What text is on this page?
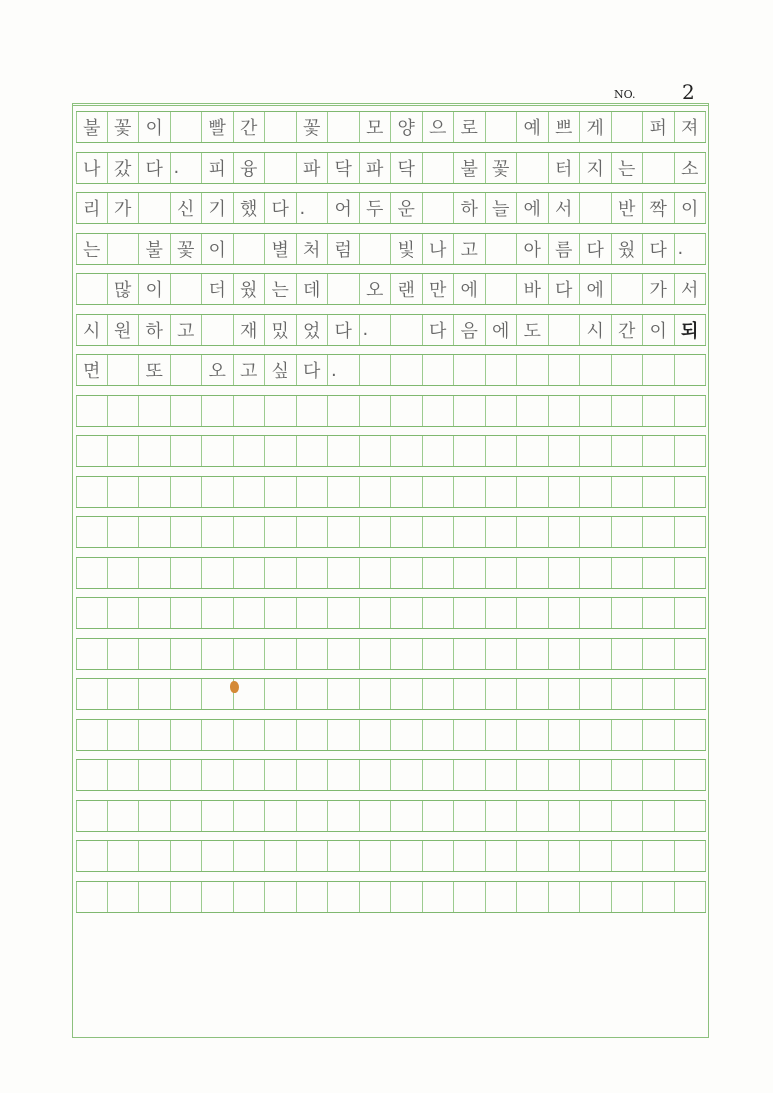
NO. 2
불 꽃 이	빨 간	꽃	모 양 으 로	예 쁘 게	퍼 져
나 갔 다 .	피 융	파 닥 파 닥	불 꽃	터 지 는	소
리 가	신 기 했 다 .	어 두 운	하 늘 에 서	반 짝 이
는	불 꽃 이	별 처 럼	빛 나 고	아 름 다 웠 다 .
많 이	더 웠 는 데	오 랜 만 에	바 다 에	가 서
시 원 하 고	재 밌 었 다 .	다 음 에 도	시 간 이 되
면	또	오 고 싶 다 .
